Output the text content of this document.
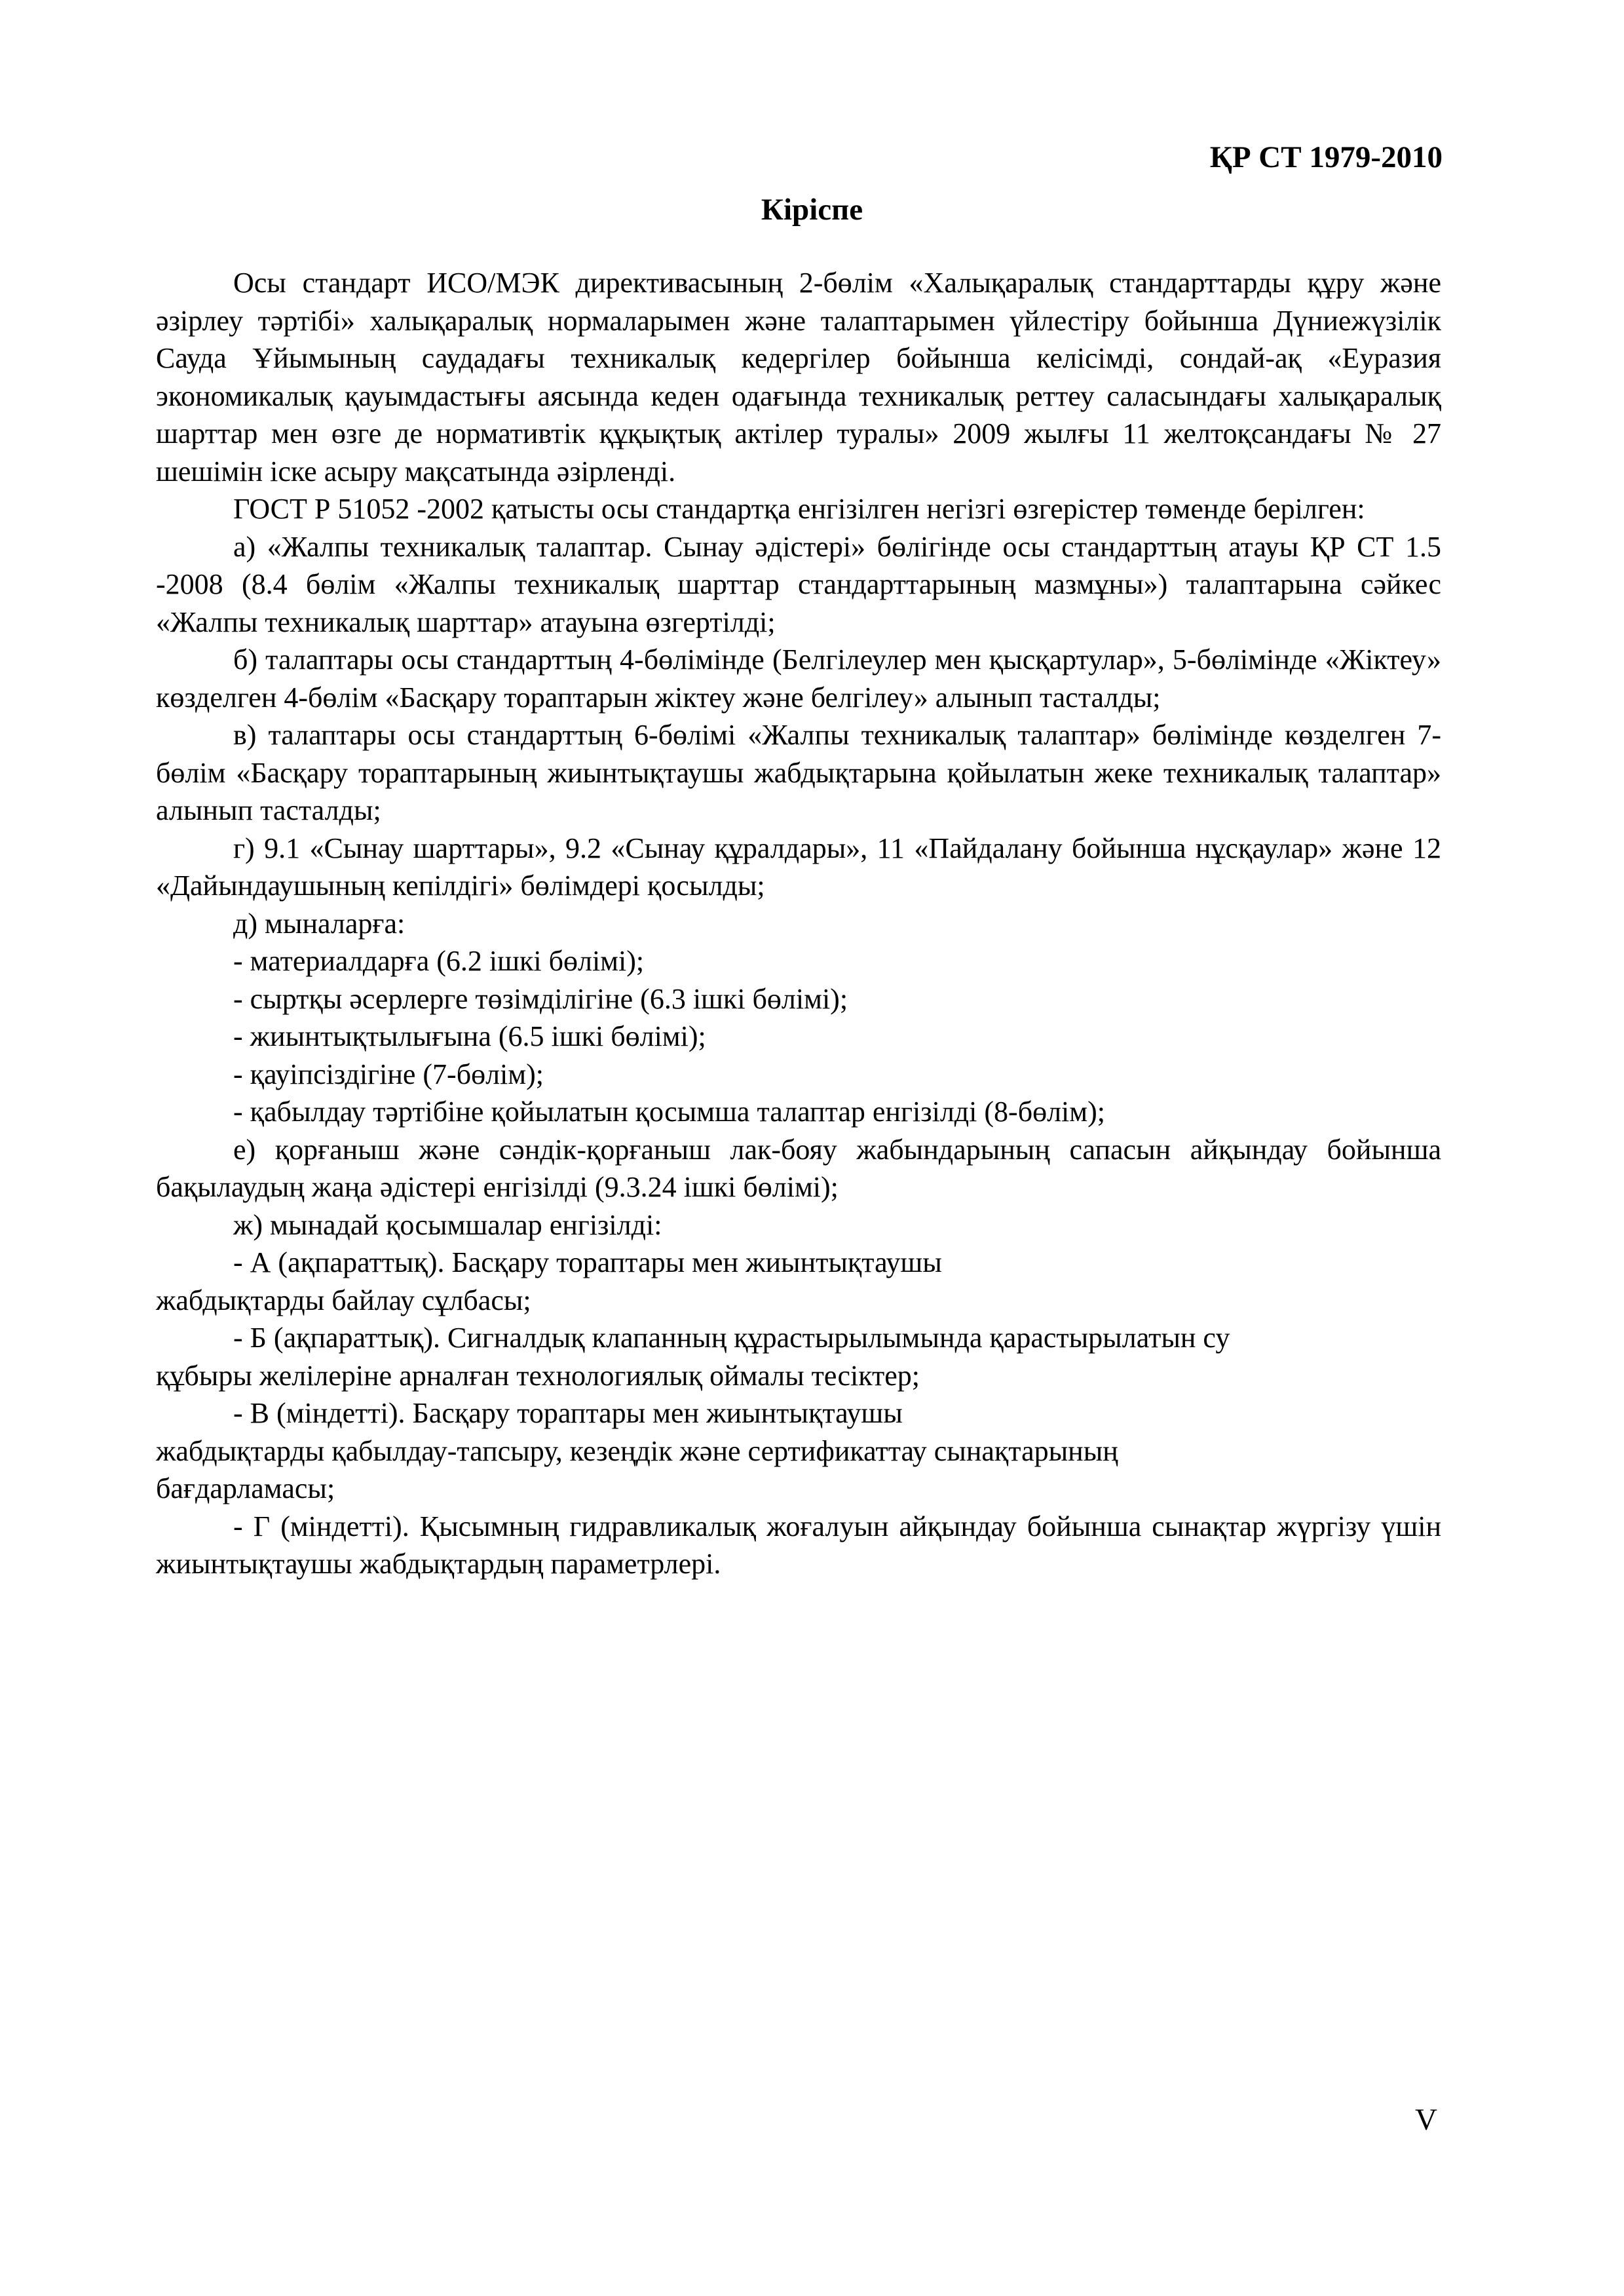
ҚР СТ 1979-2010
Кіріспе

Осы стандарт ИСО/МЭК директивасының 2-бөлім «Халықаралық стандарттарды құру және әзірлеу тәртібі» халықаралық нормаларымен және талаптарымен үйлестіру бойынша Дүниежүзілік Сауда Ұйымының саудадағы техникалық кедергілер бойынша келісімді, сондай-ақ «Еуразия экономикалық қауымдастығы аясында кеден одағында техникалық реттеу саласындағы халықаралық шарттар мен өзге де нормативтік құқықтық актілер туралы» 2009 жылғы 11 желтоқсандағы № 27 шешімін іске асыру мақсатында әзірленді.

ГОСТ Р 51052 -2002 қатысты осы стандартқа енгізілген негізгі өзгерістер төменде берілген:

а) «Жалпы техникалық талаптар. Сынау әдістері» бөлігінде осы стандарттың атауы ҚР СТ 1.5 -2008 (8.4 бөлім «Жалпы техникалық шарттар стандарттарының мазмұны») талаптарына сәйкес «Жалпы техникалық шарттар» атауына өзгертілді;

б) талаптары осы стандарттың 4-бөлімінде (Белгілеулер мен қысқартулар», 5-бөлімінде «Жіктеу» көзделген 4-бөлім «Басқару тораптарын жіктеу және белгілеу» алынып тасталды;

в) талаптары осы стандарттың 6-бөлімі «Жалпы техникалық талаптар» бөлімінде көзделген 7-бөлім «Басқару тораптарының жиынтықтаушы жабдықтарына қойылатын жеке техникалық талаптар» алынып тасталды;

г) 9.1 «Сынау шарттары», 9.2 «Сынау құралдары», 11 «Пайдалану бойынша нұсқаулар» және 12 «Дайындаушының кепілдігі» бөлімдері қосылды;

д) мыналарға:

- материалдарға (6.2 ішкі бөлімі);

- сыртқы әсерлерге төзімділігіне (6.3 ішкі бөлімі);

- жиынтықтылығына (6.5 ішкі бөлімі);

- қауіпсіздігіне (7-бөлім);

- қабылдау тәртібіне қойылатын қосымша талаптар енгізілді (8-бөлім);

е) қорғаныш және сәндік-қорғаныш лак-бояу жабындарының сапасын айқындау бойынша бақылаудың жаңа әдістері енгізілді (9.3.24 ішкі бөлімі);

ж) мынадай қосымшалар енгізілді:

- А (ақпараттық). Басқару тораптары мен жиынтықтаушы

жабдықтарды байлау сұлбасы;

- Б (ақпараттық). Сигналдық клапанның құрастырылымында қарастырылатын су

құбыры желілеріне арналған технологиялық оймалы тесіктер;

- В (міндетті). Басқару тораптары мен жиынтықтаушы

жабдықтарды қабылдау-тапсыру, кезеңдік және сертификаттау сынақтарының

бағдарламасы;

- Г (міндетті). Қысымның гидравликалық жоғалуын айқындау бойынша сынақтар жүргізу үшін жиынтықтаушы жабдықтардың параметрлері.

V
